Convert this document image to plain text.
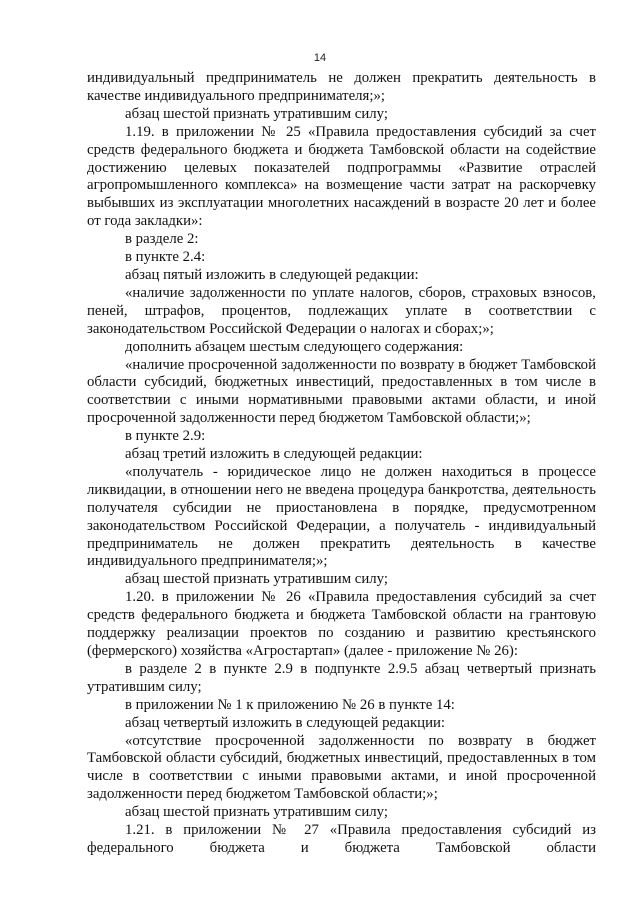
14

индивидуальный предприниматель не должен прекратить деятельность в качестве индивидуального предпринимателя;»;

абзац шестой признать утратившим силу;

1.19. в приложении № 25 «Правила предоставления субсидий за счет средств федерального бюджета и бюджета Тамбовской области на содействие достижению целевых показателей подпрограммы «Развитие отраслей агропромышленного комплекса» на возмещение части затрат на раскорчевку выбывших из эксплуатации многолетних насаждений в возрасте 20 лет и более от года закладки»:

в разделе 2:

в пункте 2.4:

абзац пятый изложить в следующей редакции:

«наличие задолженности по уплате налогов, сборов, страховых взносов, пеней, штрафов, процентов, подлежащих уплате в соответствии с законодательством Российской Федерации о налогах и сборах;»;

дополнить абзацем шестым следующего содержания:

«наличие просроченной задолженности по возврату в бюджет Тамбовской области субсидий, бюджетных инвестиций, предоставленных в том числе в соответствии с иными нормативными правовыми актами области, и иной просроченной задолженности перед бюджетом Тамбовской области;»;

в пункте 2.9:

абзац третий изложить в следующей редакции:

«получатель - юридическое лицо не должен находиться в процессе ликвидации, в отношении него не введена процедура банкротства, деятельность получателя субсидии не приостановлена в порядке, предусмотренном законодательством Российской Федерации, а получатель - индивидуальный предприниматель не должен прекратить деятельность в качестве индивидуального предпринимателя;»;

абзац шестой признать утратившим силу;

1.20. в приложении № 26 «Правила предоставления субсидий за счет средств федерального бюджета и бюджета Тамбовской области на грантовую поддержку реализации проектов по созданию и развитию крестьянского (фермерского) хозяйства «Агростартап» (далее - приложение № 26):

в разделе 2 в пункте 2.9 в подпункте 2.9.5 абзац четвертый признать утратившим силу;

в приложении № 1 к приложению № 26 в пункте 14:

абзац четвертый изложить в следующей редакции:

«отсутствие просроченной задолженности по возврату в бюджет Тамбовской области субсидий, бюджетных инвестиций, предоставленных в том числе в соответствии с иными правовыми актами, и иной просроченной задолженности перед бюджетом Тамбовской области;»;

абзац шестой признать утратившим силу;

1.21. в приложении № 27 «Правила предоставления субсидий из федерального бюджета и бюджета Тамбовской области
